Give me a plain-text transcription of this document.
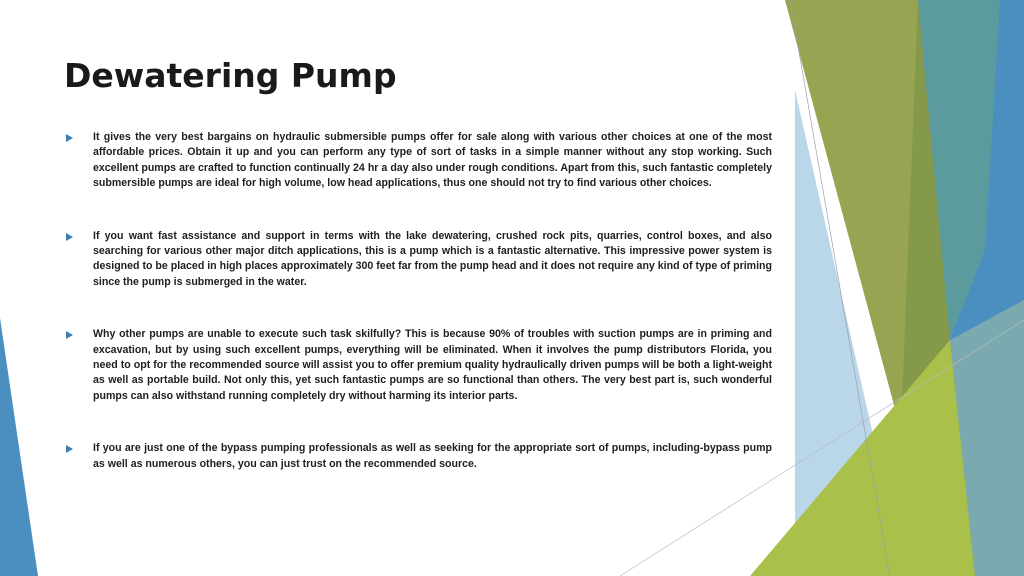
Dewatering Pump
It gives the very best bargains on hydraulic submersible pumps offer for sale along with various other choices at one of the most affordable prices. Obtain it up and you can perform any type of sort of tasks in a simple manner without any stop working. Such excellent pumps are crafted to function continually 24 hr a day also under rough conditions. Apart from this, such fantastic completely submersible pumps are ideal for high volume, low head applications, thus one should not try to find various other choices.
If you want fast assistance and support in terms with the lake dewatering, crushed rock pits, quarries, control boxes, and also searching for various other major ditch applications, this is a pump which is a fantastic alternative. This impressive power system is designed to be placed in high places approximately 300 feet far from the pump head and it does not require any kind of type of priming since the pump is submerged in the water.
Why other pumps are unable to execute such task skilfully? This is because 90% of troubles with suction pumps are in priming and excavation, but by using such excellent pumps, everything will be eliminated. When it involves the pump distributors Florida, you need to opt for the recommended source will assist you to offer premium quality hydraulically driven pumps will be both a light-weight as well as portable build. Not only this, yet such fantastic pumps are so functional than others. The very best part is, such wonderful pumps can also withstand running completely dry without harming its interior parts.
If you are just one of the bypass pumping professionals as well as seeking for the appropriate sort of pumps, including-bypass pump as well as numerous others, you can just trust on the recommended source.
